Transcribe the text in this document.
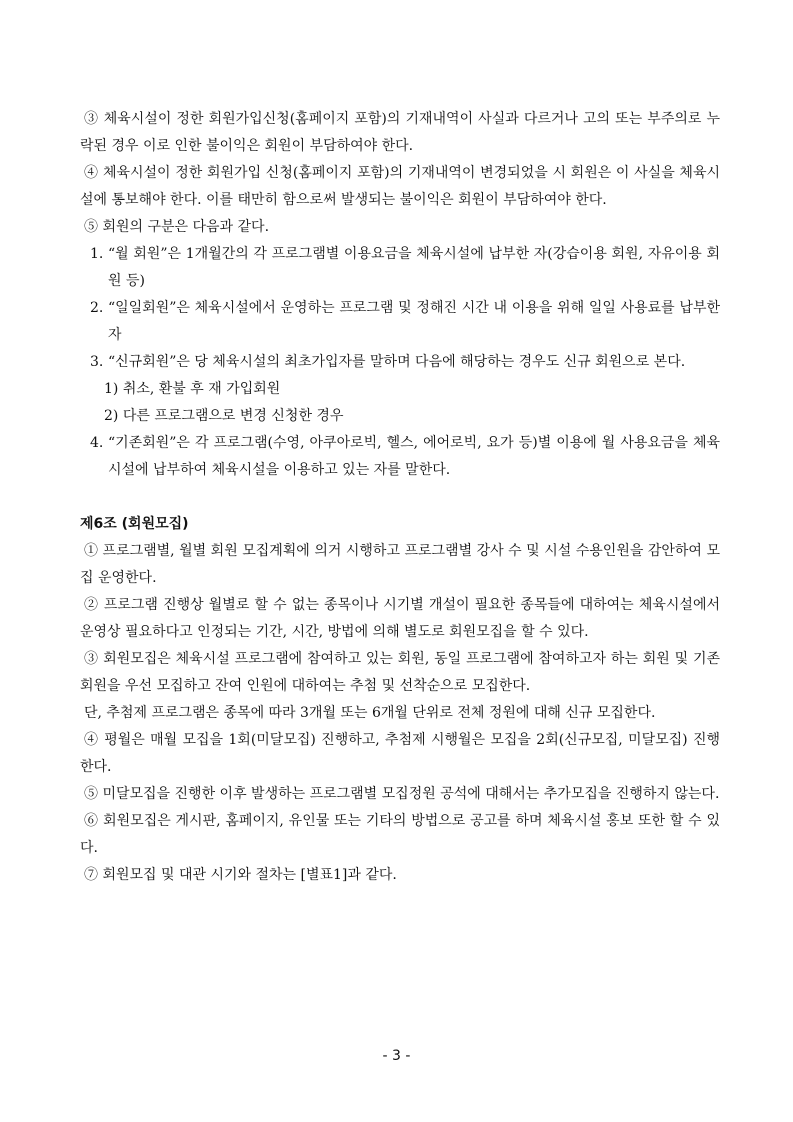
③ 체육시설이 정한 회원가입신청(홈페이지 포함)의 기재내역이 사실과 다르거나 고의 또는 부주의로 누락된 경우 이로 인한 불이익은 회원이 부담하여야 한다.
④ 체육시설이 정한 회원가입 신청(홈페이지 포함)의 기재내역이 변경되었을 시 회원은 이 사실을 체육시설에 통보해야 한다. 이를 태만히 함으로써 발생되는 불이익은 회원이 부담하여야 한다.
⑤ 회원의 구분은 다음과 같다.
1. “월 회원”은 1개월간의 각 프로그램별 이용요금을 체육시설에 납부한 자(강습이용 회원, 자유이용 회원 등)
2. “일일회원”은 체육시설에서 운영하는 프로그램 및 정해진 시간 내 이용을 위해 일일 사용료를 납부한 자
3. “신규회원”은 당 체육시설의 최초가입자를 말하며 다음에 해당하는 경우도 신규 회원으로 본다.
1) 취소, 환불 후 재 가입회원
2) 다른 프로그램으로 변경 신청한 경우
4. “기존회원”은 각 프로그램(수영, 아쿠아로빅, 헬스, 에어로빅, 요가 등)별 이용에 월 사용요금을 체육시설에 납부하여 체육시설을 이용하고 있는 자를 말한다.
제6조 (회원모집)
① 프로그램별, 월별 회원 모집계획에 의거 시행하고 프로그램별 강사 수 및 시설 수용인원을 감안하여 모집 운영한다.
② 프로그램 진행상 월별로 할 수 없는 종목이나 시기별 개설이 필요한 종목들에 대하여는 체육시설에서 운영상 필요하다고 인정되는 기간, 시간, 방법에 의해 별도로 회원모집을 할 수 있다.
③ 회원모집은 체육시설 프로그램에 참여하고 있는 회원, 동일 프로그램에 참여하고자 하는 회원 및 기존회원을 우선 모집하고 잔여 인원에 대하여는 추첨 및 선착순으로 모집한다.
단, 추첨제 프로그램은 종목에 따라 3개월 또는 6개월 단위로 전체 정원에 대해 신규 모집한다.
④ 평월은 매월 모집을 1회(미달모집) 진행하고, 추첨제 시행월은 모집을 2회(신규모집, 미달모집) 진행한다.
⑤ 미달모집을 진행한 이후 발생하는 프로그램별 모집정원 공석에 대해서는 추가모집을 진행하지 않는다.
⑥ 회원모집은 게시판, 홈페이지, 유인물 또는 기타의 방법으로 공고를 하며 체육시설 홍보 또한 할 수 있다.
⑦ 회원모집 및 대관 시기와 절차는 [별표1]과 같다.
- 3 -
